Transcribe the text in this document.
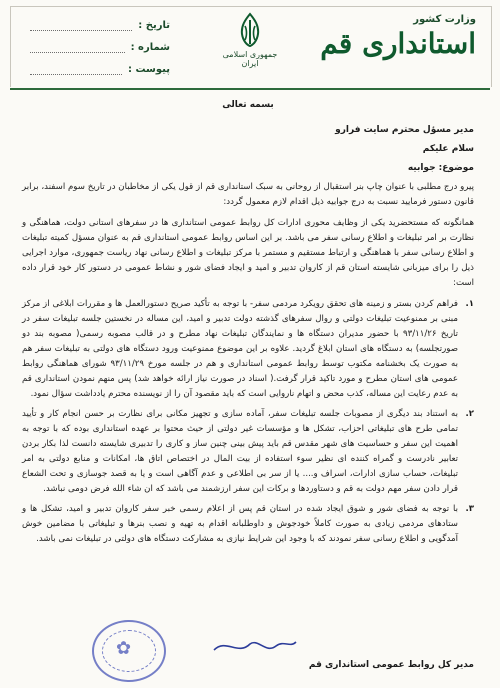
وزارت کشور
استانداری قم
جمهوری اسلامی ایران
تاریخ :
شماره :
پیوست :

بسمه تعالی

مدیر مسؤل محترم سایت فرارو

سلام علیکم

موضوع: جوابیه

پیرو درج مطلبی با عنوان چاپ بنر استقبال از روحانی به سبک استانداری قم از قول یکی از مخاطبان در تاریخ سوم اسفند، برابر قانون دستور فرمایید نسبت به درج جوابیه ذیل اقدام لازم معمول گردد:

همانگونه که مستحضرید یکی از وظایف محوری ادارات کل روابط عمومی استانداری ها در سفرهای استانی دولت، هماهنگی و نظارت بر امر تبلیغات و اطلاع رسانی سفر می باشد. بر این اساس روابط عمومی استانداری قم به عنوان مسؤل کمیته تبلیغات و اطلاع رسانی سفر با هماهنگی و ارتباط مستقیم و مستمر با مرکز تبلیغات و اطلاع رسانی نهاد ریاست جمهوری، موارد اجرایی ذیل را برای میزبانی شایسته استان قم از کاروان تدبیر و امید و ایجاد فضای شور و نشاط عمومی در دستور کار خود قرار داده است:

۱.
فراهم کردن بستر و زمینه های تحقق رویکرد مردمی سفر- با توجه به تأکید صریح دستورالعمل ها و مقررات ابلاغی از مرکز مبنی بر ممنوعیت تبلیغات دولتی و روال سفرهای گذشته دولت تدبیر و امید، این مساله در نخستین جلسه تبلیغات سفر در تاریخ ۹۳/۱۱/۲۶ با حضور مدیران دستگاه ها و نمایندگان تبلیغات نهاد مطرح و در قالب مصوبه رسمی( مصوبه بند دو صورتجلسه) به دستگاه های استان ابلاغ گردید. علاوه بر این موضوع ممنوعیت ورود دستگاه های دولتی به تبلیغات سفر هم به صورت یک بخشنامه مکتوب توسط روابط عمومی استانداری و هم در جلسه مورخ ۹۳/۱۱/۲۹ شورای هماهنگی روابط عمومی های استان مطرح و مورد تاکید قرار گرفت.( اسناد در صورت نیاز ارائه خواهد شد) پس منهم نمودن استانداری قم به عدم رعایت این مساله، کذب محض و اتهام ناروایی است که باید مقصود آن را از نویسنده محترم یادداشت سؤال نمود.
۲.
به استناد بند دیگری از مصوبات جلسه تبلیغات سفر، آماده سازی و تجهیز مکانی برای نظارت بر حسن انجام کار و تأیید تمامی طرح های تبلیغاتی احزاب، تشکل ها و مؤسسات غیر دولتی از حیث محتوا بر عهده استانداری بوده که با توجه به اهمیت این سفر و حساسیت های شهر مقدس قم باید پیش بینی چنین ساز و کاری را تدبیری شایسته دانست لذا بکار بردن تعابیر نادرست و گمراه کننده ای نظیر سوء استفاده از بیت المال در اختصاص اتاق ها، امکانات و منابع دولتی به امر تبلیغات، حساب سازی ادارات، اسراف و.... یا از سر بی اطلاعی و عدم آگاهی است و یا به قصد جوسازی و تحت الشعاع قرار دادن سفر مهم دولت به قم و دستاوردها و برکات این سفر ارزشمند می باشد که ان شاء الله فرض دومی نباشد.
۳.
با توجه به فضای شور و شوق ایجاد شده در استان قم پس از اعلام رسمی خبر سفر کاروان تدبیر و امید، تشکل ها و ستادهای مردمی زیادی به صورت کاملاً خودجوش و داوطلبانه اقدام به تهیه و نصب بنرها و تبلیغاتی با مضامین خوش آمدگویی و اطلاع رسانی سفر نمودند که با وجود این شرایط نیازی به مشارکت دستگاه های دولتی در تبلیغات نمی باشد.
✿
مدیر کل روابط عمومی استانداری قم
